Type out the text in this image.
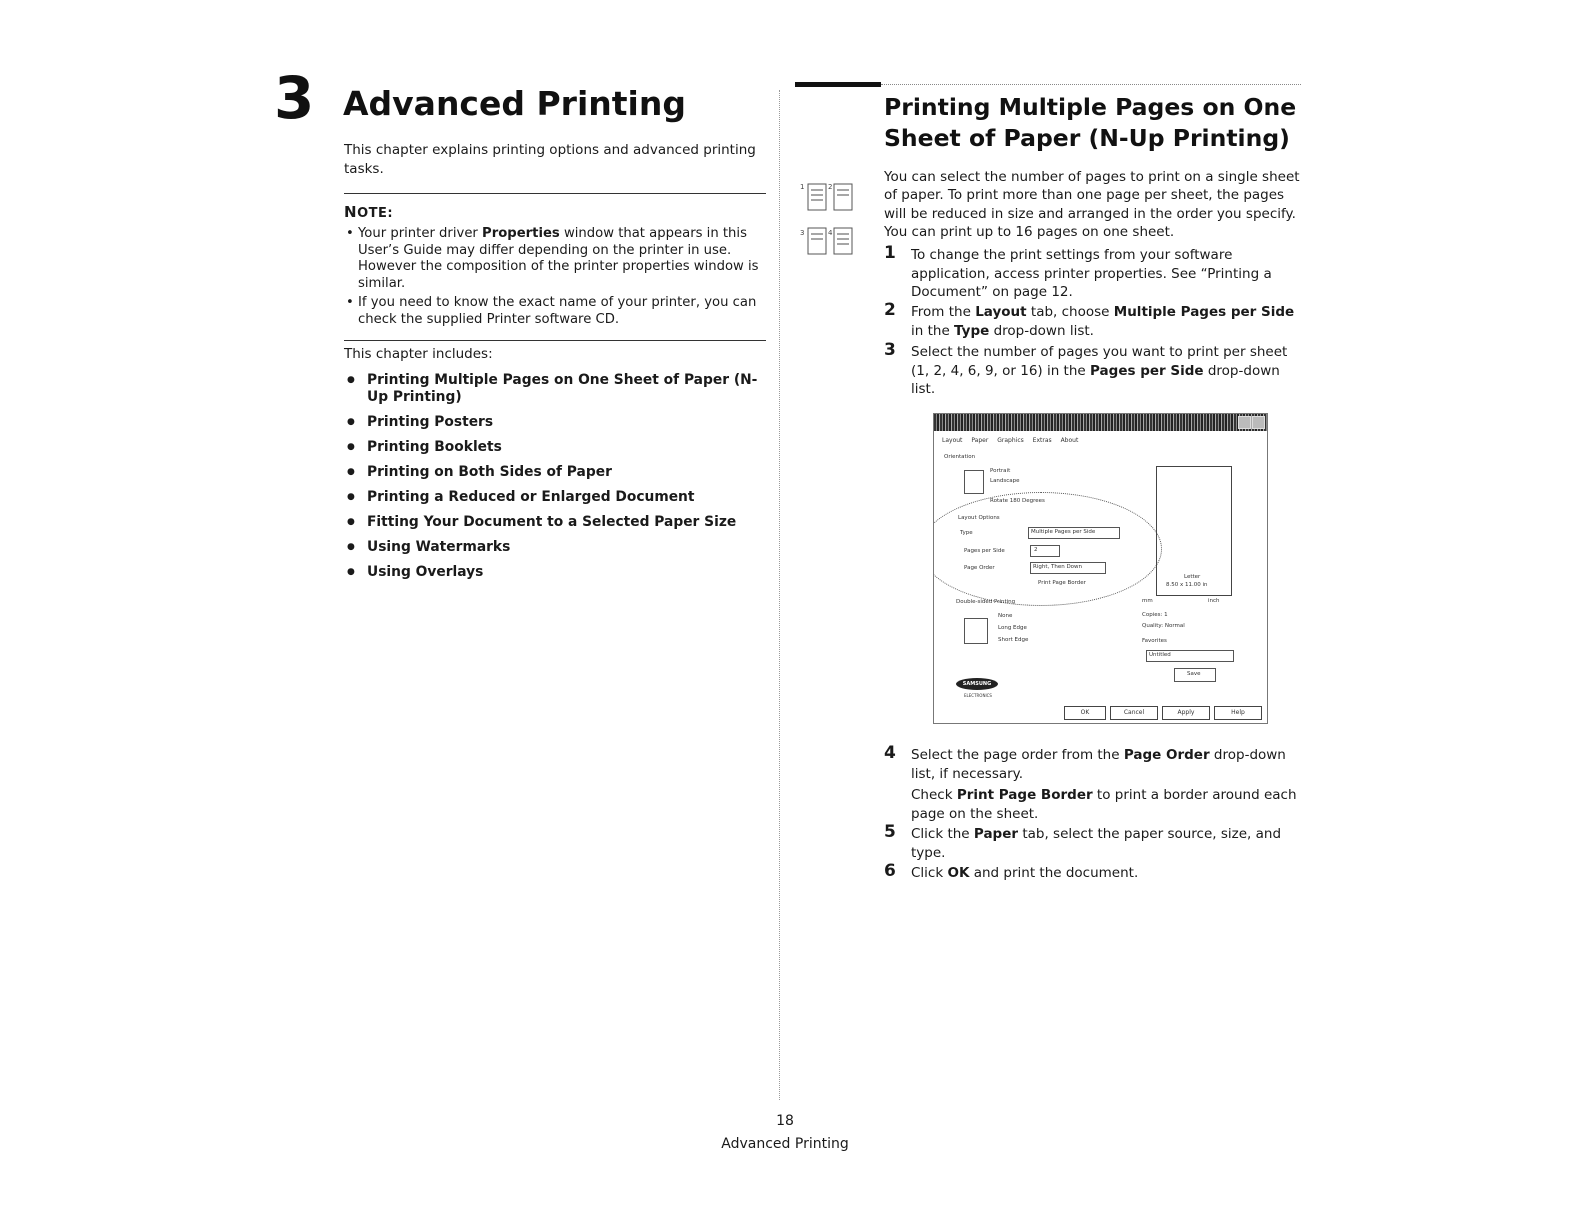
3 Advanced Printing
This chapter explains printing options and advanced printing tasks.
NOTE:
• Your printer driver Properties window that appears in this User’s Guide may differ depending on the printer in use. However the composition of the printer properties window is similar.
• If you need to know the exact name of your printer, you can check the supplied Printer software CD.
This chapter includes:
● Printing Multiple Pages on One Sheet of Paper (N-Up Printing)
● Printing Posters
● Printing Booklets
● Printing on Both Sides of Paper
● Printing a Reduced or Enlarged Document
● Fitting Your Document to a Selected Paper Size
● Using Watermarks
● Using Overlays
1	2
3	4
Printing Multiple Pages on One Sheet of Paper (N-Up Printing)
You can select the number of pages to print on a single sheet of paper. To print more than one page per sheet, the pages will be reduced in size and arranged in the order you specify. You can print up to 16 pages on one sheet.
1	To change the print settings from your software application, access printer properties. See “Printing a Document” on page 12.
2	From the Layout tab, choose Multiple Pages per Side in the Type drop-down list.
3	Select the number of pages you want to print per sheet (1, 2, 4, 6, 9, or 16) in the Pages per Side drop-down list.
Layout Paper Graphics Extras About
Orientation
Portrait
Landscape
Rotate 180 Degrees
Layout Options
Type	Multiple Pages per Side
Pages per Side	2
Page Order	Right, Then Down
Print Page Border
Double-sided Printing
None
Long Edge
Short Edge
Letter
8.50 x 11.00 in
mm	inch
Copies: 1
Quality: Normal
Favorites
Untitled
Save
SAMSUNG
ELECTRONICS
OK	Cancel	Apply	Help
4	Select the page order from the Page Order drop-down list, if necessary.
Check Print Page Border to print a border around each page on the sheet.
5	Click the Paper tab, select the paper source, size, and type.
6	Click OK and print the document.
18
Advanced Printing
